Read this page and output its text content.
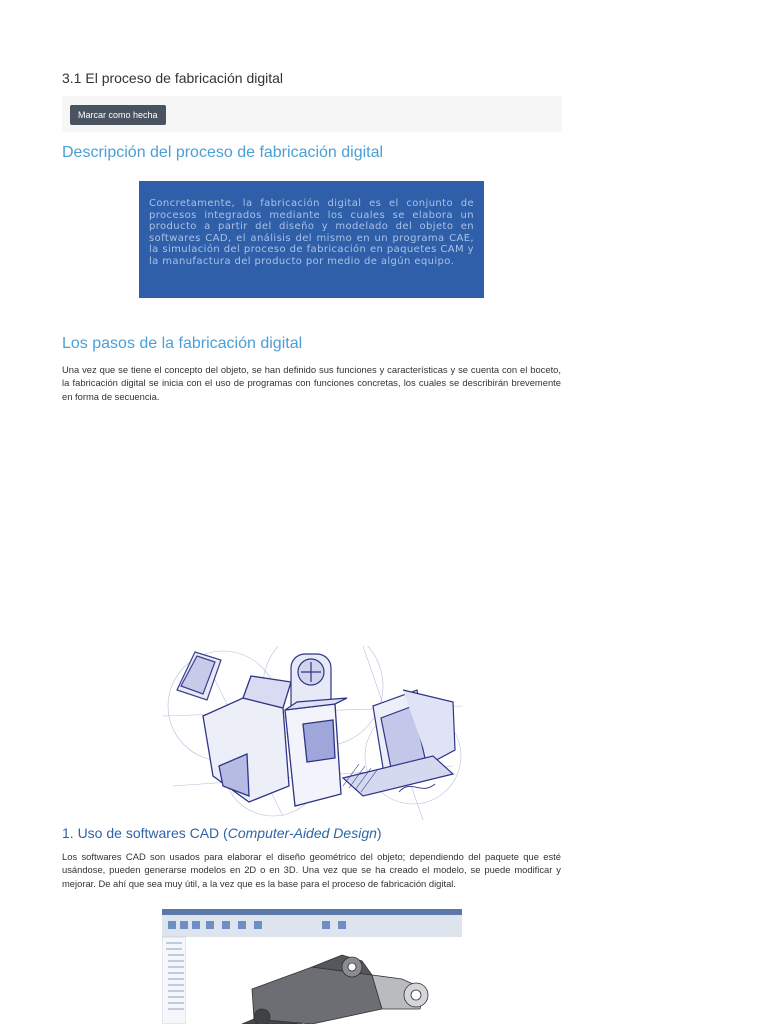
3.1 El proceso de fabricación digital
Marcar como hecha
Descripción del proceso de fabricación digital

Concretamente, la fabricación digital es el conjunto de procesos integrados mediante los cuales se elabora un producto a partir del diseño y modelado del objeto en softwares CAD, el análisis del mismo en un programa CAE, la simulación del proceso de fabricación en paquetes CAM y la manufactura del producto por medio de algún equipo.

Los pasos de la fabricación digital

Una vez que se tiene el concepto del objeto, se han definido sus funciones y características y se cuenta con el boceto, la fabricación digital se inicia con el uso de programas con funciones concretas, los cuales se describirán brevemente en forma de secuencia.

1. Uso de softwares CAD (Computer-Aided Design)

Los softwares CAD son usados para elaborar el diseño geométrico del objeto; dependiendo del paquete que esté usándose, pueden generarse modelos en 2D o en 3D. Una vez que se ha creado el modelo, se puede modificar y mejorar. De ahí que sea muy útil, a la vez que es la base para el proceso de fabricación digital.
